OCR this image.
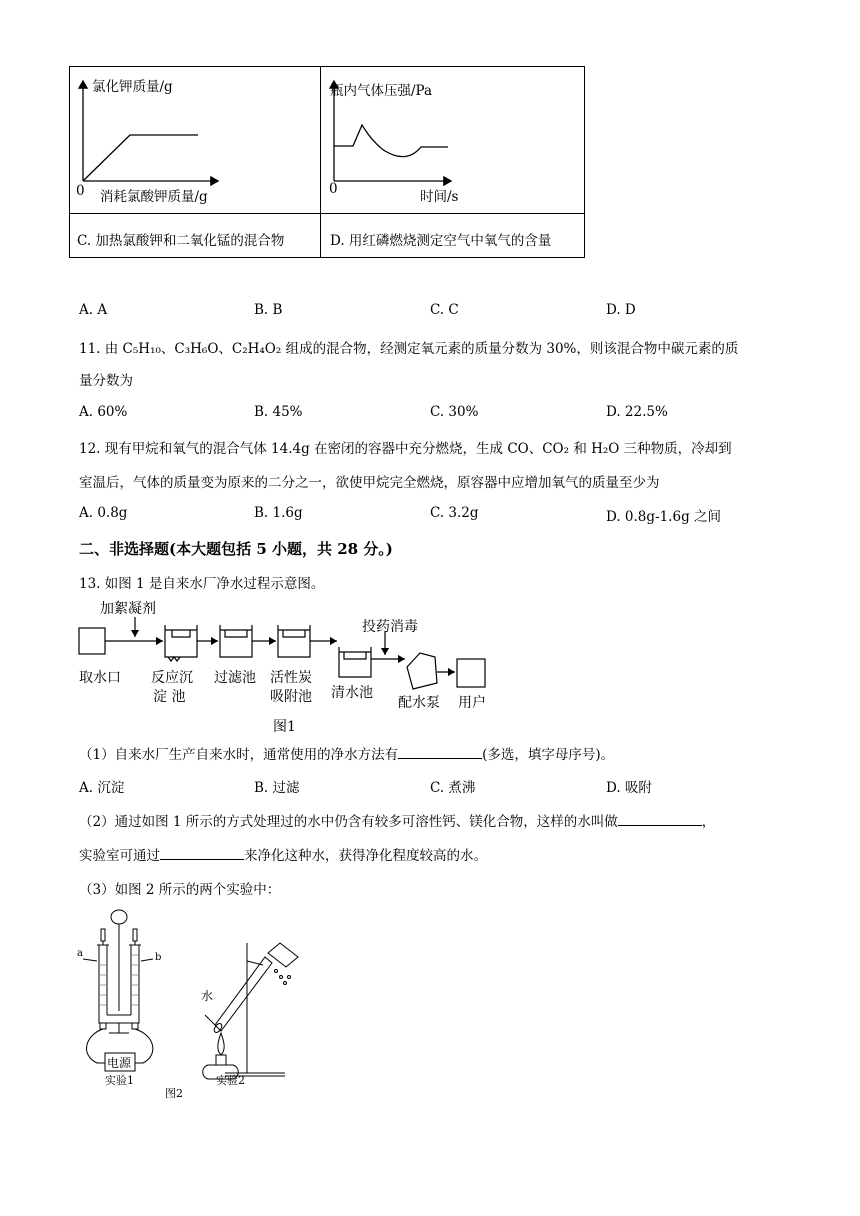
氯化钾质量/g
0 消耗氯酸钾质量/g
C. 加热氯酸钾和二氧化锰的混合物
瓶内气体压强/Pa
0	时间/s
D. 用红磷燃烧测定空气中氧气的含量
A. A	B. B	C. C	D. D
11. 由 C₅H₁₀、C₃H₆O、C₂H₄O₂ 组成的混合物，经测定氧元素的质量分数为 30%，则该混合物中碳元素的质
量分数为
A. 60%	B. 45%	C. 30%	D. 22.5%
12. 现有甲烷和氧气的混合气体 14.4g 在密闭的容器中充分燃烧，生成 CO、CO₂ 和 H₂O 三种物质，冷却到
室温后，气体的质量变为原来的二分之一，欲使甲烷完全燃烧，原容器中应增加氧气的质量至少为
A. 0.8g	B. 1.6g	C. 3.2g	D. 0.8g-1.6g 之间
二、非选择题(本大题包括 5 小题，共 28 分。)
13. 如图 1 是自来水厂净水过程示意图。
加絮凝剂
取水口 反应沉
淀 池
过滤池 活性炭
吸附池
投药消毒
清水池
配水泵 用户
图1
（1）自来水厂生产自来水时，通常使用的净水方法有	(多选，填字母序号)。
A. 沉淀	B. 过滤	C. 煮沸	D. 吸附
（2）通过如图 1 所示的方式处理过的水中仍含有较多可溶性钙、镁化合物，这样的水叫做	，
实验室可通过	来净化这种水，获得净化程度较高的水。
（3）如图 2 所示的两个实验中：
a	b
电源
实验1
水
实验2
图2
